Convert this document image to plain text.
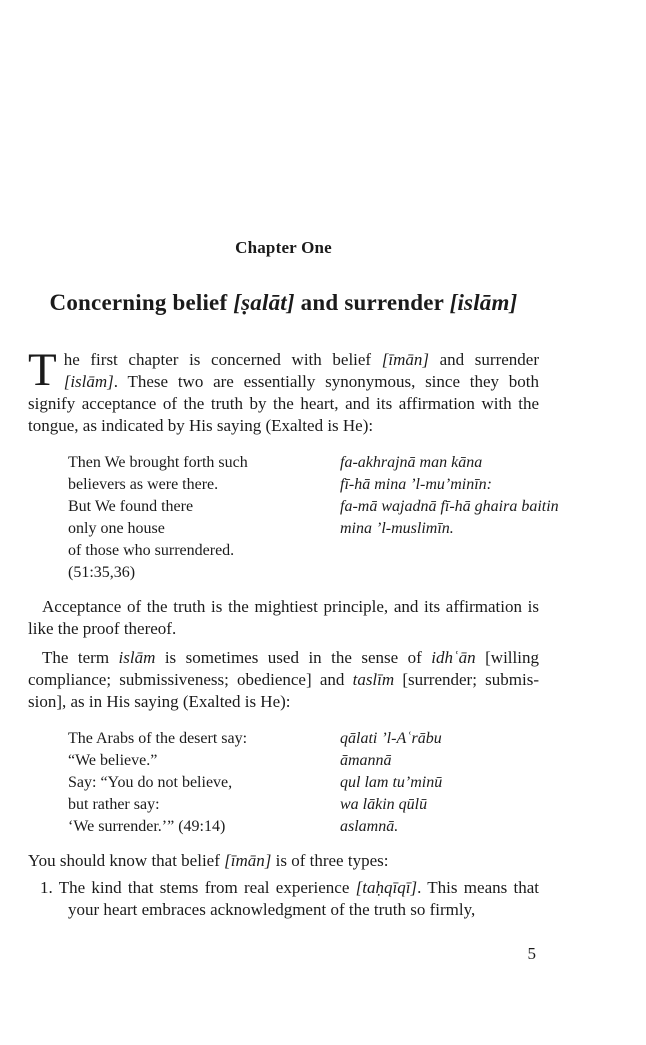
Chapter One
Concerning belief [ṣalāt] and surrender [islām]

The first chapter is concerned with belief [īmān] and surrender [islām]. These two are essentially synonymous, since they both signify acceptance of the truth by the heart, and its affirmation with the tongue, as indicated by His saying (Exalted is He):

Then We brought forth such
believers as were there.
But We found there
only one house
of those who surrendered.
(51:35,36)
fa-akhrajnā man kāna
fī-hā mina ’l-mu’minīn:
fa-mā wajadnā fī-hā ghaira baitin
mina ’l-muslimīn.

Acceptance of the truth is the mightiest principle, and its affirmation is like the proof thereof.

The term islām is sometimes used in the sense of idhʿān [willing compliance; submissiveness; obedience] and taslīm [surrender; submission], as in His saying (Exalted is He):

The Arabs of the desert say:
“We believe.”
Say: “You do not believe,
but rather say:
‘We surrender.’” (49:14)
qālati ’l-Aʿrābu
āmannā
qul lam tu’minū
wa lākin qūlū
aslamnā.

You should know that belief [īmān] is of three types:

1. The kind that stems from real experience [taḥqīqī]. This means that your heart embraces acknowledgment of the truth so firmly,

5
